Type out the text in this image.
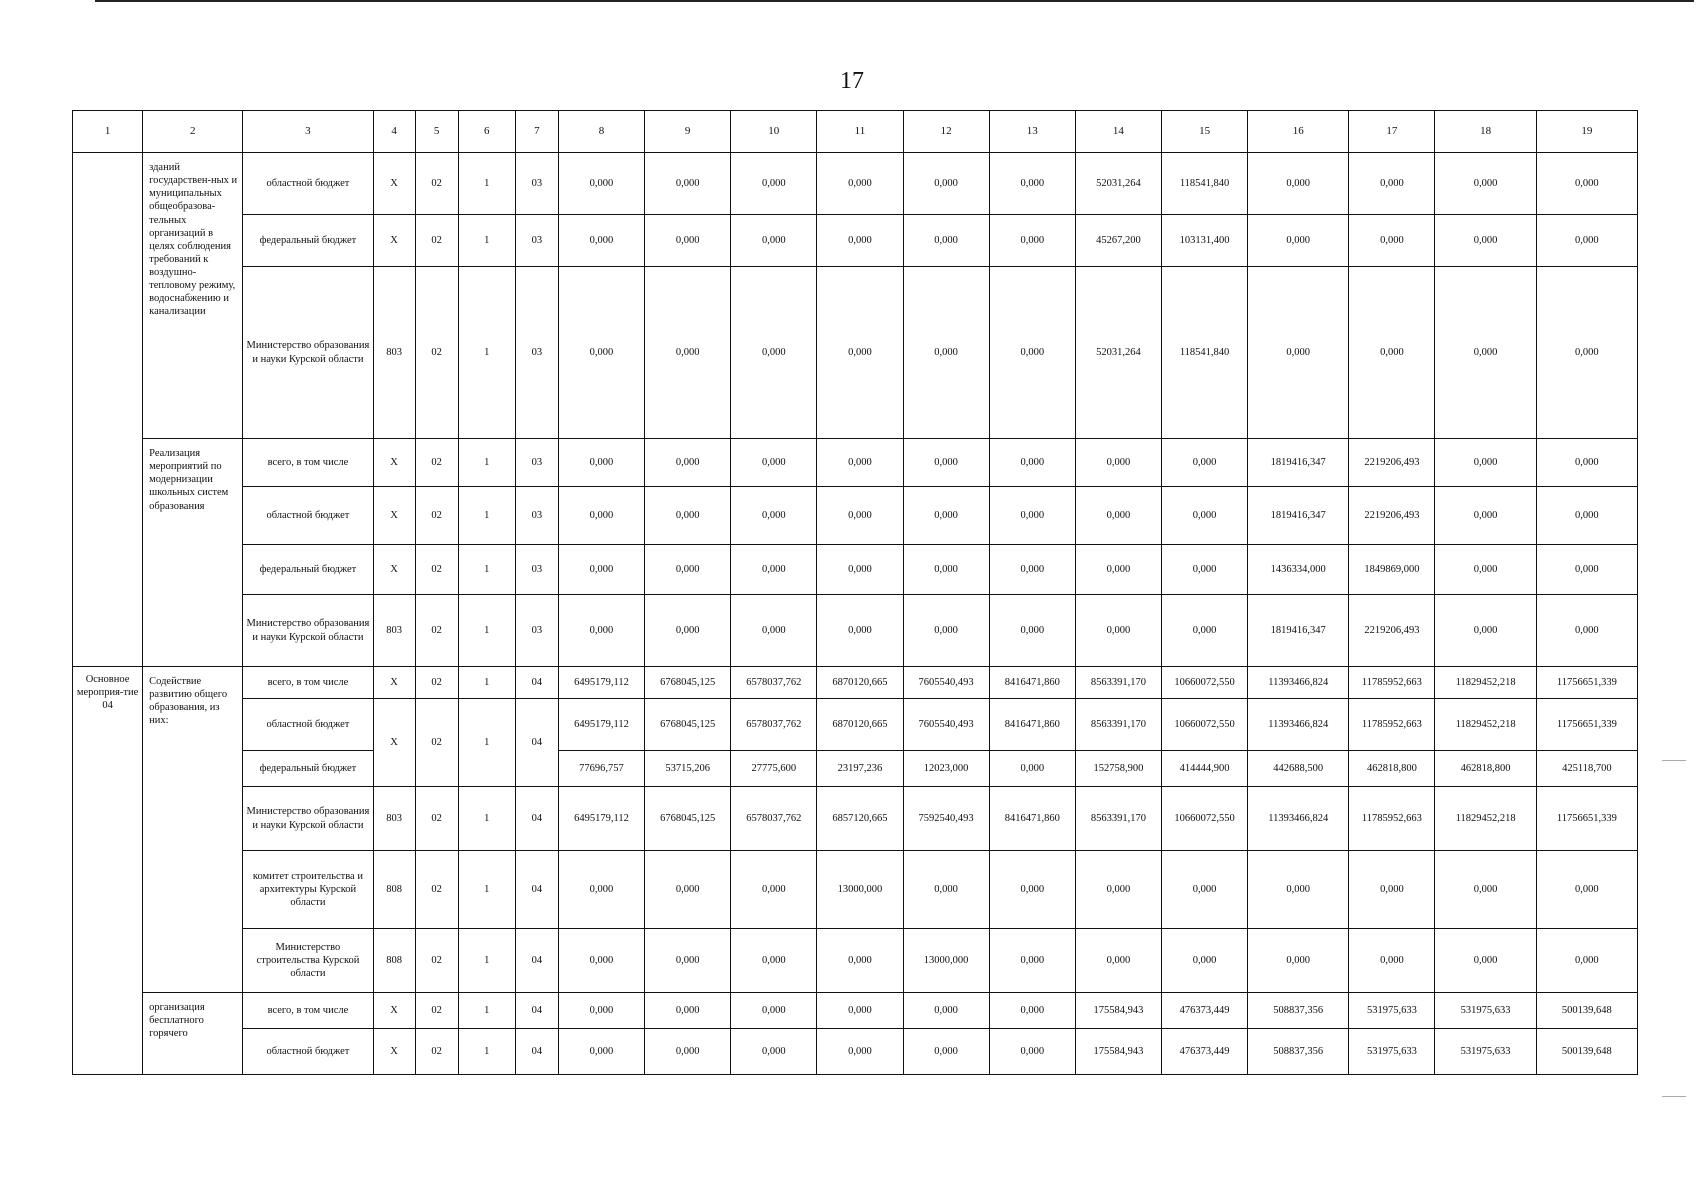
17
1	2	3	4	5	6	7	8	9	10	11	12	13	14	15	16	17	18	19
	зданий государствен-ных и муниципальных общеобразова-тельных организаций в целях соблюдения требований к воздушно-тепловому режиму, водоснабжению и канализации	областной бюджет	X	02	1	03	0,000	0,000	0,000	0,000	0,000	0,000	52031,264	118541,840	0,000	0,000	0,000	0,000
		федеральный бюджет	X	02	1	03	0,000	0,000	0,000	0,000	0,000	0,000	45267,200	103131,400	0,000	0,000	0,000	0,000
		Министерство образования и науки Курской области	803	02	1	03	0,000	0,000	0,000	0,000	0,000	0,000	52031,264	118541,840	0,000	0,000	0,000	0,000
	Реализация мероприятий по модернизации школьных систем образования	всего, в том числе	X	02	1	03	0,000	0,000	0,000	0,000	0,000	0,000	0,000	0,000	1819416,347	2219206,493	0,000	0,000
		областной бюджет	X	02	1	03	0,000	0,000	0,000	0,000	0,000	0,000	0,000	0,000	1819416,347	2219206,493	0,000	0,000
		федеральный бюджет	X	02	1	03	0,000	0,000	0,000	0,000	0,000	0,000	0,000	0,000	1436334,000	1849869,000	0,000	0,000
		Министерство образования и науки Курской области	803	02	1	03	0,000	0,000	0,000	0,000	0,000	0,000	0,000	0,000	1819416,347	2219206,493	0,000	0,000
Основное мероприя-тие 04	Содействие развитию общего образования, из них:	всего, в том числе	X	02	1	04	6495179,112	6768045,125	6578037,762	6870120,665	7605540,493	8416471,860	8563391,170	10660072,550	11393466,824	11785952,663	11829452,218	11756651,339
		областной бюджет	X	02	1	04	6495179,112	6768045,125	6578037,762	6870120,665	7605540,493	8416471,860	8563391,170	10660072,550	11393466,824	11785952,663	11829452,218	11756651,339
		федеральный бюджет					77696,757	53715,206	27775,600	23197,236	12023,000	0,000	152758,900	414444,900	442688,500	462818,800	462818,800	425118,700
		Министерство образования и науки Курской области	803	02	1	04	6495179,112	6768045,125	6578037,762	6857120,665	7592540,493	8416471,860	8563391,170	10660072,550	11393466,824	11785952,663	11829452,218	11756651,339
		комитет строительства и архитектуры Курской области	808	02	1	04	0,000	0,000	0,000	13000,000	0,000	0,000	0,000	0,000	0,000	0,000	0,000	0,000
		Министерство строительства Курской области	808	02	1	04	0,000	0,000	0,000	0,000	13000,000	0,000	0,000	0,000	0,000	0,000	0,000	0,000
	организация бесплатного горячего	всего, в том числе	X	02	1	04	0,000	0,000	0,000	0,000	0,000	0,000	175584,943	476373,449	508837,356	531975,633	531975,633	500139,648
		областной бюджет	X	02	1	04	0,000	0,000	0,000	0,000	0,000	0,000	175584,943	476373,449	508837,356	531975,633	531975,633	500139,648
